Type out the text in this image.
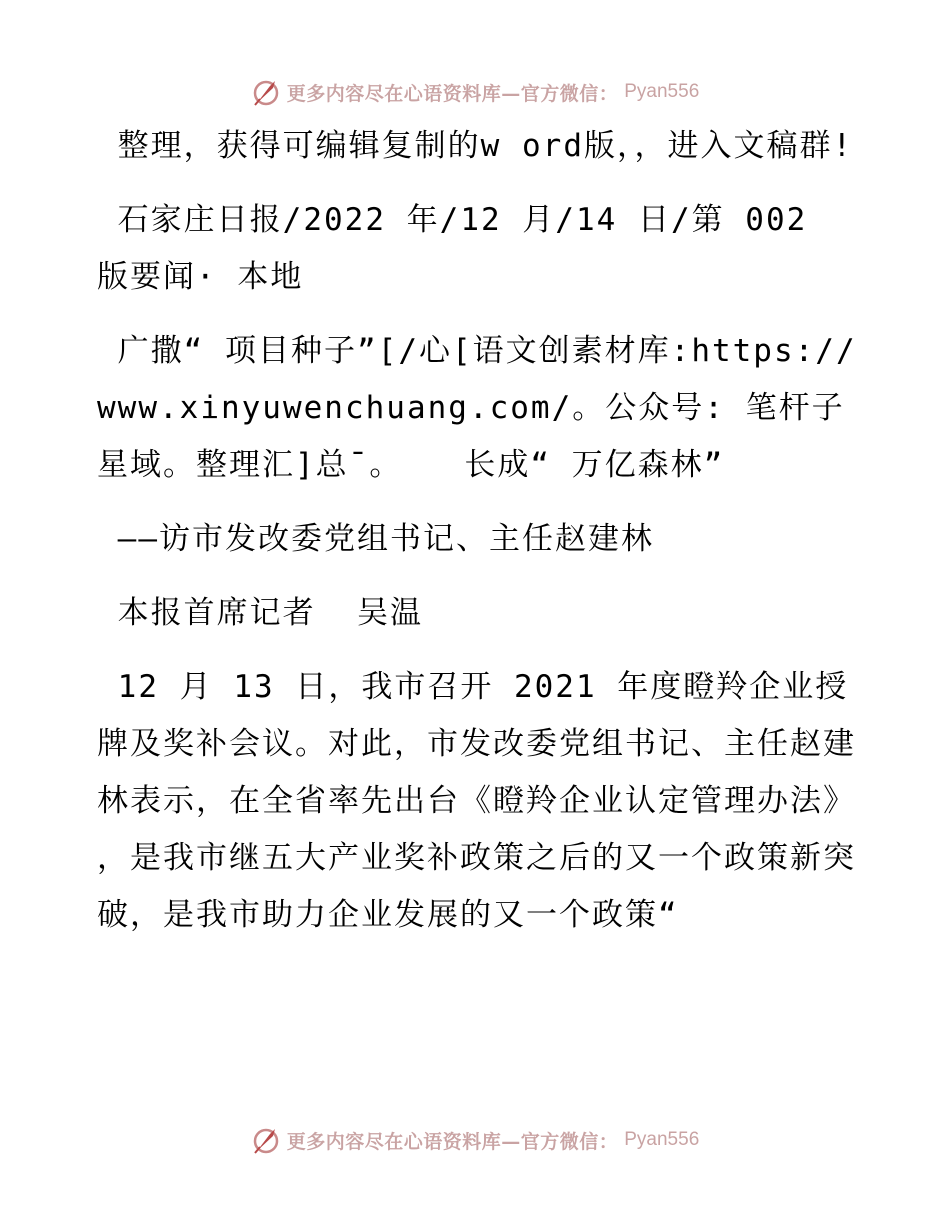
更多内容尽在心语资料库—官方微信： Pyan556

整理，获得可编辑复制的w ord版，，进入文稿群!

石家庄日报/2022 年/12 月/14 日/第 002 版要闻· 本地

广撒“ 项目种子”[/心[语文创素材库:https://www.xinyuwenchuang.com/。公众号: 笔杆子星域。整理汇]总¯。   长成“ 万亿森林”

——访市发改委党组书记、主任赵建林

本报首席记者  吴温

12 月 13 日，我市召开 2021 年度瞪羚企业授牌及奖补会议。对此，市发改委党组书记、主任赵建林表示，在全省率先出台《瞪羚企业认定管理办法》 ，是我市继五大产业奖补政策之后的又一个政策新突破，是我市助力企业发展的又一个政策“

更多内容尽在心语资料库—官方微信： Pyan556
